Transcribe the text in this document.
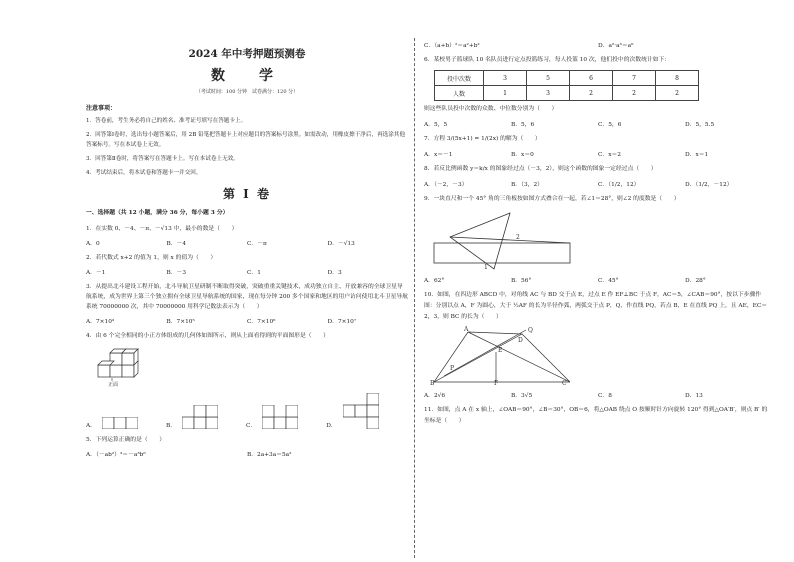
2024 年中考押题预测卷
数　学
（考试时间：100 分钟　试卷满分：120 分）
注意事项：
1．答卷前，考生务必将自己的姓名、准考证号填写在答题卡上。
2．回答第Ⅰ卷时，选出每小题答案后，用 2B 铅笔把答题卡上对应题目的答案标号涂黑。如需改动，用橡皮擦干净后，再选涂其他答案标号。写在本试卷上无效。
3．回答第Ⅱ卷时，将答案写在答题卡上。写在本试卷上无效。
4．考试结束后，将本试卷和答题卡一并交回。
第 Ⅰ 卷
一、选择题（共 12 小题，满分 36 分，每小题 3 分）
1．在实数 0、－4、－π、－√13 中，最小的数是（　　）
A．0	B．－4	C．－π	D．－√13
2．若代数式 x+2 的值为 1，则 x 的值为（　　）
A．－1	B．－3	C．1	D．3
3．从提出北斗建设工程开始，北斗导航卫星研制不断取得突破，突破重重关键技术，成功独立自主、开放兼容的全球卫星导航系统，成为世界上第三个独立拥有全球卫星导航系统的国家，现在每分钟 200 多个国家和地区的用户访问使用北斗卫星导航系统 70000000 次，其中 70000000 用科学记数法表示为（　　）
A．7×10³	B．7×10⁵	C．7×10⁶	D．7×10⁷
4．由 6 个完全相同的小正方体组成的几何体如图所示，则从上面看得到的平面图形是（　　）
正面
A．	B．	C．	D．
5．下列运算正确的是（　　）
A．（－ab²）³＝－a³b⁶	B．2a+3a＝5a²
C．（a+b）²＝a²+b²	D．a²·a³＝a⁶
6．某校男子篮球队 10 名队员进行定点投篮练习，每人投篮 10 次，他们投中的次数统计如下：
投中次数	3	5	6	7	8
人数	1	3	2	2	2
则这些队员投中次数的众数、中位数分别为（　　）
A．5，5	B．5，6	C．5，6	D．5，5.5
7．方程 3/(5x+1) = 1/(2x) 的解为（　　）
A．x＝－1	B．x＝0	C．x＝2	D．x＝1
8．若反比例函数 y＝k/x 的图象经过点（－3，2），则这个函数的图象一定经过点（　　）
A．（－2，－3）	B．（3，2）	C．（1/2，12）	D．（1/2，－12）
9．一块直尺和一个 45° 角的三角板按如图方式叠合在一起，若∠1＝28°，则∠2 的度数是（　　）
2
1
A．62°	B．56°	C．45°	D．28°
10．如图，在四边形 ABCD 中，对角线 AC 与 BD 交于点 E，过点 E 作 EF⊥BC 于点 F，AC＝5，∠CAB＝90°，按以下步骤作图：分别以点 A，F 为圆心，大于 ½AF 的长为半径作弧，两弧交于点 P，Q，作直线 PQ，若点 B，E 在直线 PQ 上，且 AE，EC＝2，3，则 BC 的长为（　　）
A
D
Q
E
P
B	F	C
A．2√6	B．3√5	C．8	D．13
11．如图，点 A 在 x 轴上，∠OAB＝90°，∠B＝30°，OB＝6，将△OAB 绕点 O 按顺时针方向旋转 120° 得到△OA′B′，则点 B′ 的坐标是（　　）
